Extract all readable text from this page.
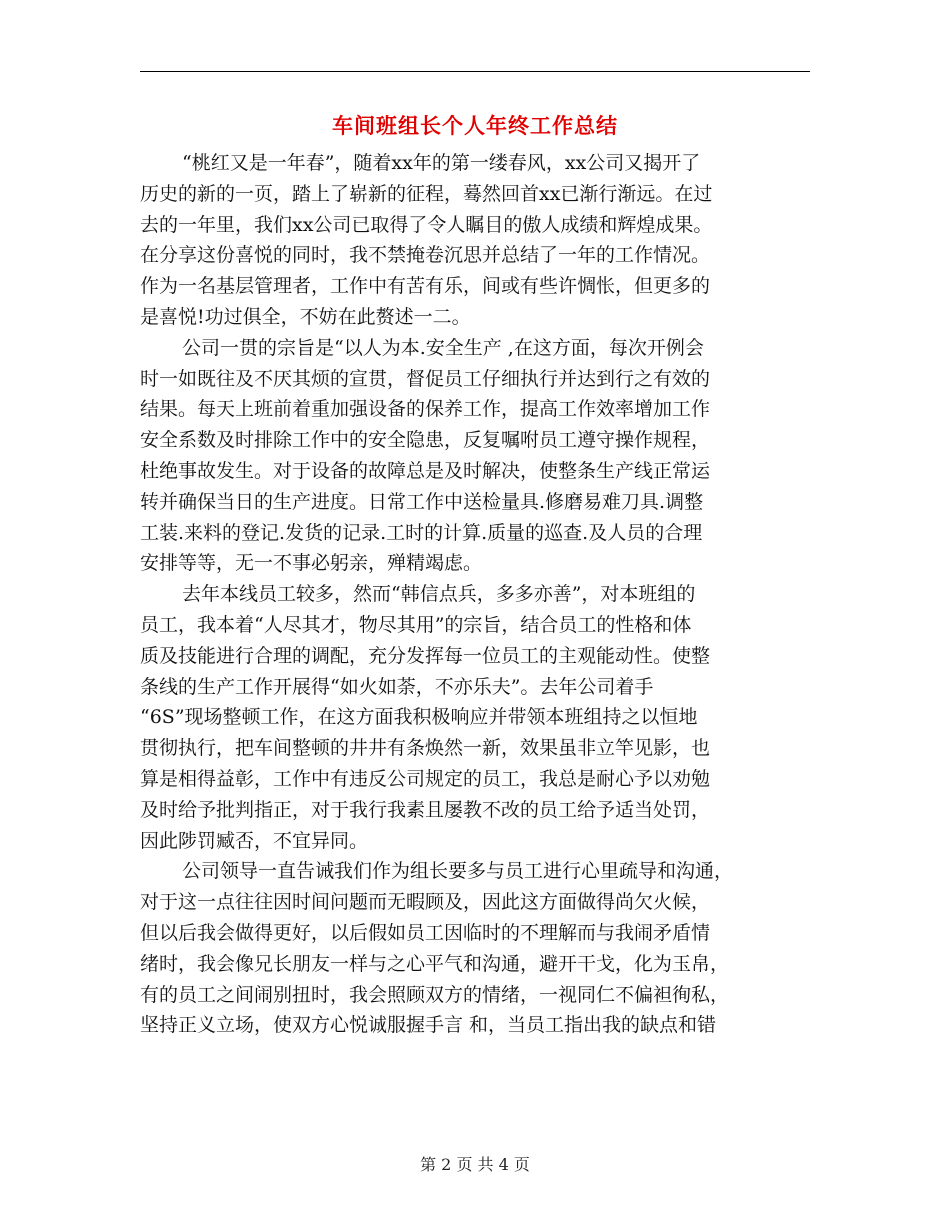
车间班组长个人年终工作总结
“桃红又是一年春”，随着xx年的第一缕春风，xx公司又揭开了
历史的新的一页，踏上了崭新的征程，蓦然回首xx已渐行渐远。在过
去的一年里，我们xx公司已取得了令人瞩目的傲人成绩和辉煌成果。
在分享这份喜悦的同时，我不禁掩卷沉思并总结了一年的工作情况。
作为一名基层管理者，工作中有苦有乐，间或有些许惆怅，但更多的
是喜悦!功过俱全，不妨在此赘述一二。
公司一贯的宗旨是“以人为本.安全生产 ,在这方面，每次开例会
时一如既往及不厌其烦的宣贯，督促员工仔细执行并达到行之有效的
结果。每天上班前着重加强设备的保养工作，提高工作效率增加工作
安全系数及时排除工作中的安全隐患，反复嘱咐员工遵守操作规程，
杜绝事故发生。对于设备的故障总是及时解决，使整条生产线正常运
转并确保当日的生产进度。日常工作中送检量具.修磨易难刀具.调整
工装.来料的登记.发货的记录.工时的计算.质量的巡查.及人员的合理
安排等等，无一不事必躬亲，殚精竭虑。
去年本线员工较多，然而“韩信点兵，多多亦善”，对本班组的
员工，我本着“人尽其才，物尽其用”的宗旨，结合员工的性格和体
质及技能进行合理的调配，充分发挥每一位员工的主观能动性。使整
条线的生产工作开展得“如火如荼，不亦乐夫”。去年公司着手
“6S”现场整顿工作，在这方面我积极响应并带领本班组持之以恒地
贯彻执行，把车间整顿的井井有条焕然一新，效果虽非立竿见影，也
算是相得益彰，工作中有违反公司规定的员工，我总是耐心予以劝勉
及时给予批判指正，对于我行我素且屡教不改的员工给予适当处罚，
因此陟罚臧否，不宜异同。
公司领导一直告诫我们作为组长要多与员工进行心里疏导和沟通，
对于这一点往往因时间问题而无暇顾及，因此这方面做得尚欠火候，
但以后我会做得更好，以后假如员工因临时的不理解而与我闹矛盾情
绪时，我会像兄长朋友一样与之心平气和沟通，避开干戈，化为玉帛，
有的员工之间闹别扭时，我会照顾双方的情绪，一视同仁不偏袒徇私，
坚持正义立场，使双方心悦诚服握手言 和，当员工指出我的缺点和错
第 2 页 共 4 页
